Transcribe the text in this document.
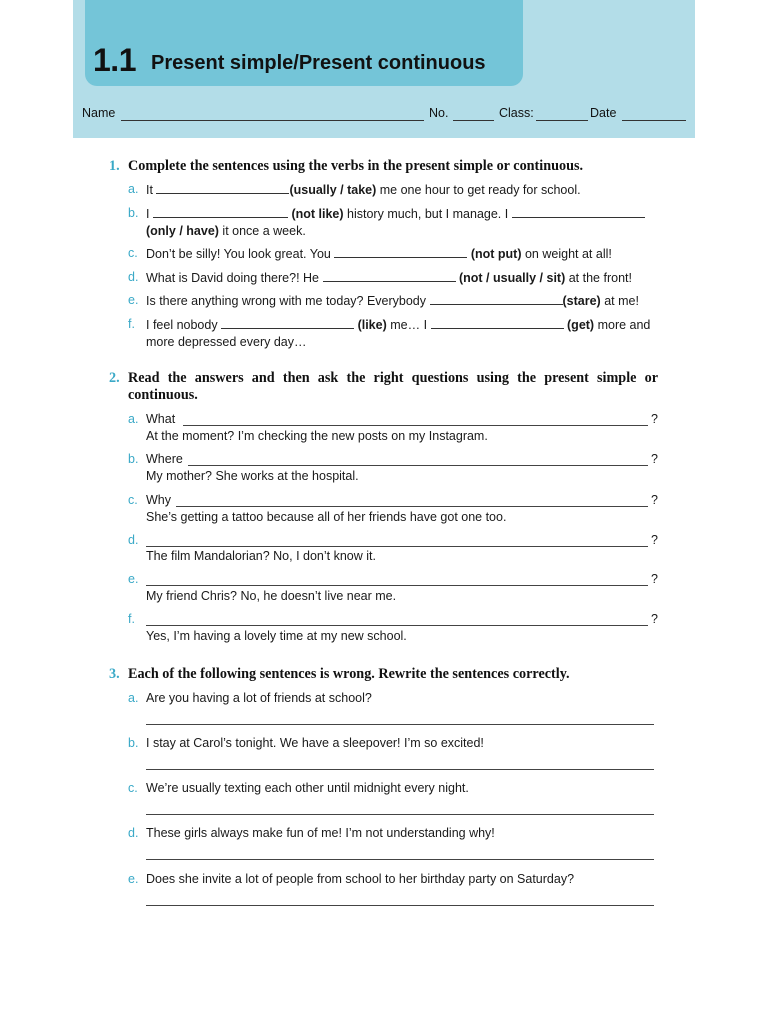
1.1 Present simple/Present continuous
Name	No.	Class:	Date
1. Complete the sentences using the verbs in the present simple or continuous.
a. It	(usually / take) me one hour to get ready for school.
b. I	(not like) history much, but I manage. I
(only / have) it once a week.
c. Don’t be silly! You look great. You	(not put) on weight at all!
d. What is David doing there?! He	(not / usually / sit) at the front!
e. Is there anything wrong with me today? Everybody	(stare) at me!
f. I feel nobody	(like) me… I	(get) more and
more depressed every day…
2. Read the answers and then ask the right questions using the present simple or continuous.
a. What	?
At the moment? I’m checking the new posts on my Instagram.
b. Where	?
My mother? She works at the hospital.
c. Why	?
She’s getting a tattoo because all of her friends have got one too.
d.	?
The film Mandalorian? No, I don’t know it.
e.	?
My friend Chris? No, he doesn’t live near me.
f.	?
Yes, I’m having a lovely time at my new school.
3. Each of the following sentences is wrong. Rewrite the sentences correctly.
a. Are you having a lot of friends at school?
b. I stay at Carol’s tonight. We have a sleepover! I’m so excited!
c. We’re usually texting each other until midnight every night.
d. These girls always make fun of me! I’m not understanding why!
e. Does she invite a lot of people from school to her birthday party on Saturday?
